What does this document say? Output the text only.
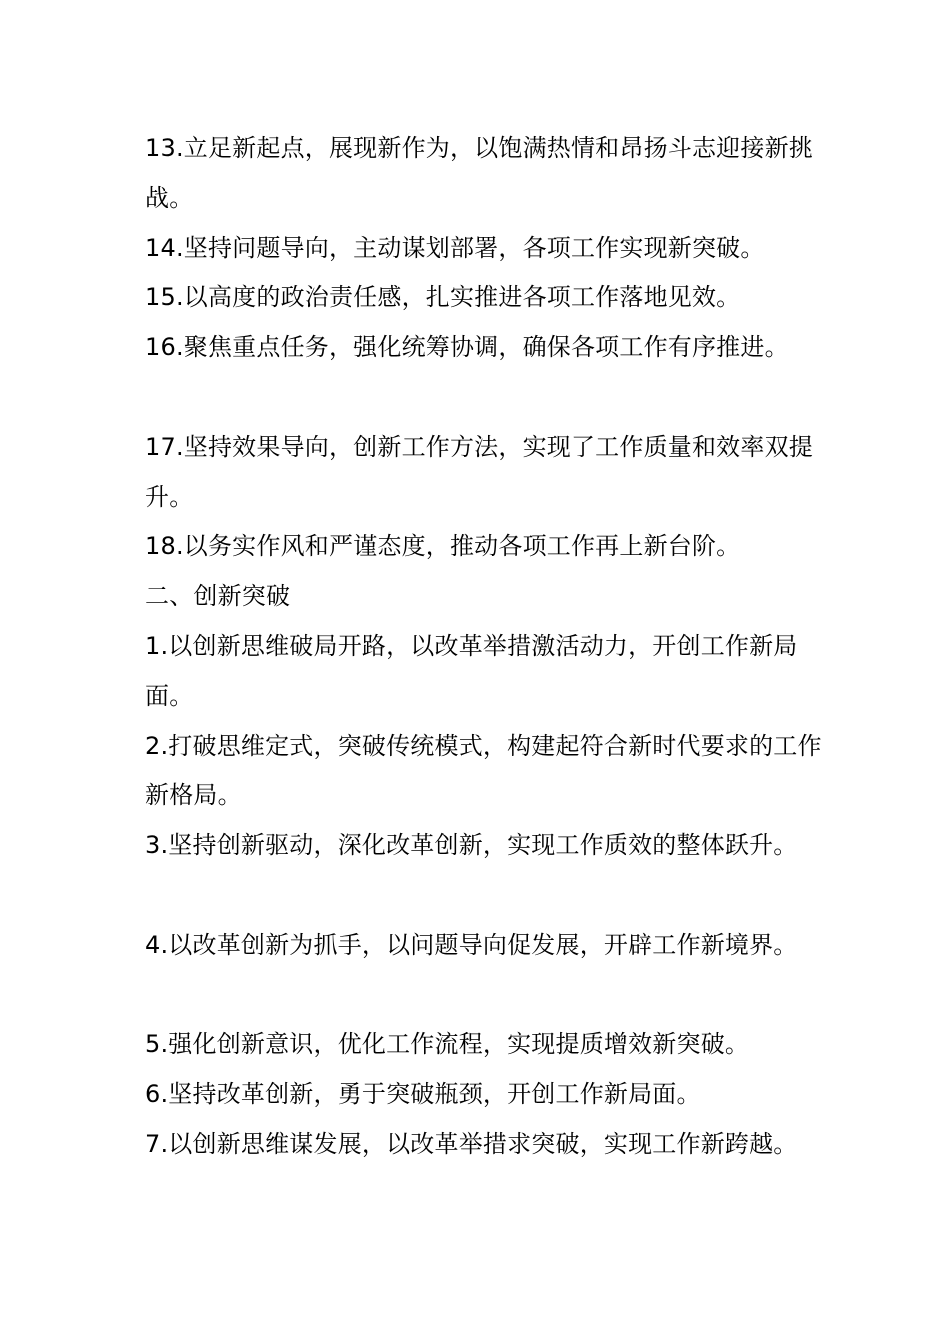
13.立足新起点，展现新作为，以饱满热情和昂扬斗志迎接新挑战。

14.坚持问题导向，主动谋划部署，各项工作实现新突破。

15.以高度的政治责任感，扎实推进各项工作落地见效。

16.聚焦重点任务，强化统筹协调，确保各项工作有序推进。

17.坚持效果导向，创新工作方法，实现了工作质量和效率双提升。

18.以务实作风和严谨态度，推动各项工作再上新台阶。

二、创新突破

1.以创新思维破局开路，以改革举措激活动力，开创工作新局面。

2.打破思维定式，突破传统模式，构建起符合新时代要求的工作新格局。

3.坚持创新驱动，深化改革创新，实现工作质效的整体跃升。

4.以改革创新为抓手，以问题导向促发展，开辟工作新境界。

5.强化创新意识，优化工作流程，实现提质增效新突破。

6.坚持改革创新，勇于突破瓶颈，开创工作新局面。

7.以创新思维谋发展，以改革举措求突破，实现工作新跨越。
